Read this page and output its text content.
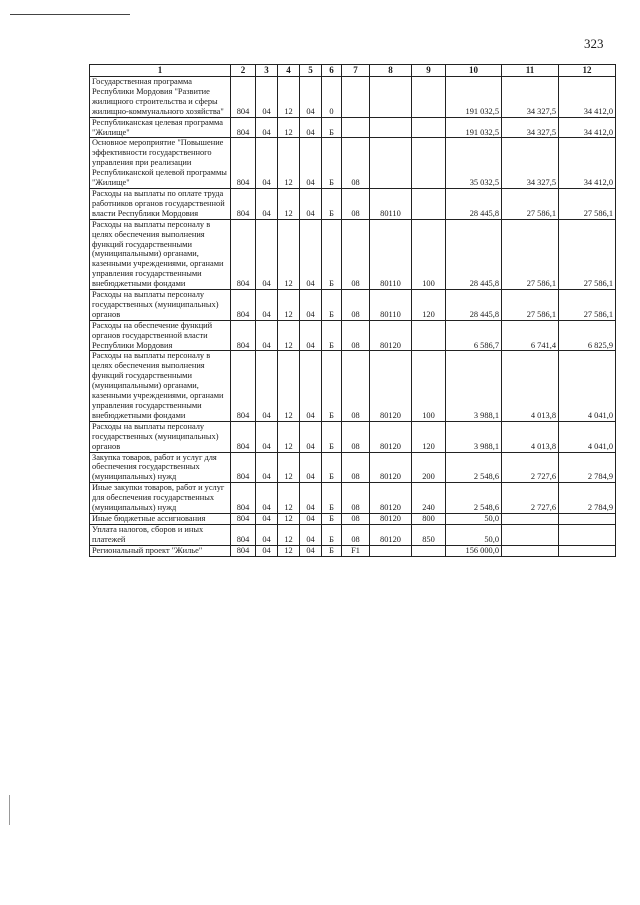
323
1	2	3	4	5	6	7	8	9	10	11	12
Государственная программа Республики Мордовия "Развитие жилищного строительства и сферы жилищно-коммунального хозяйства"	804	04	12	04	0				191 032,5	34 327,5	34 412,0
Республиканская целевая программа "Жилище"	804	04	12	04	Б				191 032,5	34 327,5	34 412,0
Основное мероприятие "Повышение эффективности государственного управления при реализации Республиканской целевой программы "Жилище"	804	04	12	04	Б	08			35 032,5	34 327,5	34 412,0
Расходы на выплаты по оплате труда работников органов государственной власти Республики Мордовия	804	04	12	04	Б	08	80110		28 445,8	27 586,1	27 586,1
Расходы на выплаты персоналу в целях обеспечения выполнения функций государственными (муниципальными) органами, казенными учреждениями, органами управления государственными внебюджетными фондами	804	04	12	04	Б	08	80110	100	28 445,8	27 586,1	27 586,1
Расходы на выплаты персоналу государственных (муниципальных) органов	804	04	12	04	Б	08	80110	120	28 445,8	27 586,1	27 586,1
Расходы на обеспечение функций органов государственной власти Республики Мордовия	804	04	12	04	Б	08	80120		6 586,7	6 741,4	6 825,9
Расходы на выплаты персоналу в целях обеспечения выполнения функций государственными (муниципальными) органами, казенными учреждениями, органами управления государственными внебюджетными фондами	804	04	12	04	Б	08	80120	100	3 988,1	4 013,8	4 041,0
Расходы на выплаты персоналу государственных (муниципальных) органов	804	04	12	04	Б	08	80120	120	3 988,1	4 013,8	4 041,0
Закупка товаров, работ и услуг для обеспечения государственных (муниципальных) нужд	804	04	12	04	Б	08	80120	200	2 548,6	2 727,6	2 784,9
Иные закупки товаров, работ и услуг для обеспечения государственных (муниципальных) нужд	804	04	12	04	Б	08	80120	240	2 548,6	2 727,6	2 784,9
Иные бюджетные ассигнования	804	04	12	04	Б	08	80120	800	50,0		
Уплата налогов, сборов и иных платежей	804	04	12	04	Б	08	80120	850	50,0		
Региональный проект "Жилье"	804	04	12	04	Б	F1			156 000,0		
